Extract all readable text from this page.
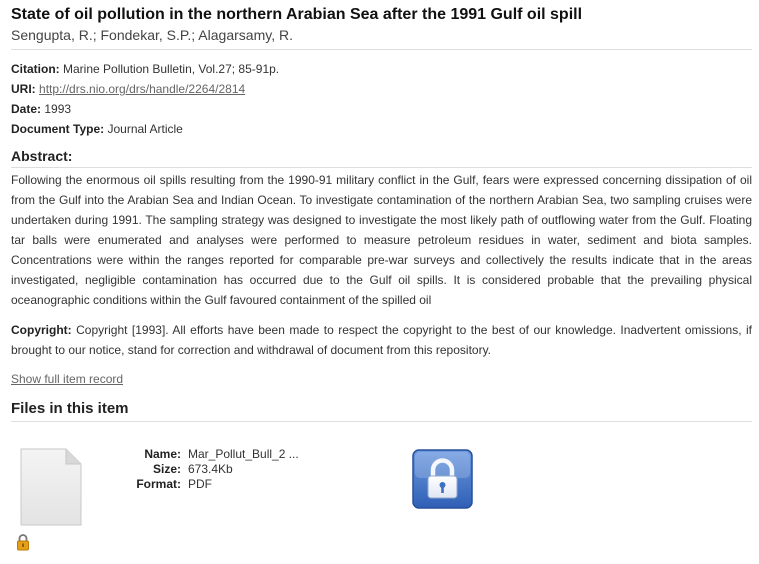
State of oil pollution in the northern Arabian Sea after the 1991 Gulf oil spill
Sengupta, R.; Fondekar, S.P.; Alagarsamy, R.
Citation: Marine Pollution Bulletin, Vol.27; 85-91p.
URI: http://drs.nio.org/drs/handle/2264/2814
Date: 1993
Document Type: Journal Article
Abstract:
Following the enormous oil spills resulting from the 1990-91 military conflict in the Gulf, fears were expressed concerning dissipation of oil from the Gulf into the Arabian Sea and Indian Ocean. To investigate contamination of the northern Arabian Sea, two sampling cruises were undertaken during 1991. The sampling strategy was designed to investigate the most likely path of outflowing water from the Gulf. Floating tar balls were enumerated and analyses were performed to measure petroleum residues in water, sediment and biota samples. Concentrations were within the ranges reported for comparable pre-war surveys and collectively the results indicate that in the areas investigated, negligible contamination has occurred due to the Gulf oil spills. It is considered probable that the prevailing physical oceanographic conditions within the Gulf favoured containment of the spilled oil
Copyright: Copyright [1993]. All efforts have been made to respect the copyright to the best of our knowledge. Inadvertent omissions, if brought to our notice, stand for correction and withdrawal of document from this repository.
Show full item record
Files in this item
Name: Mar_Pollut_Bull_2 ...
Size: 673.4Kb
Format: PDF
